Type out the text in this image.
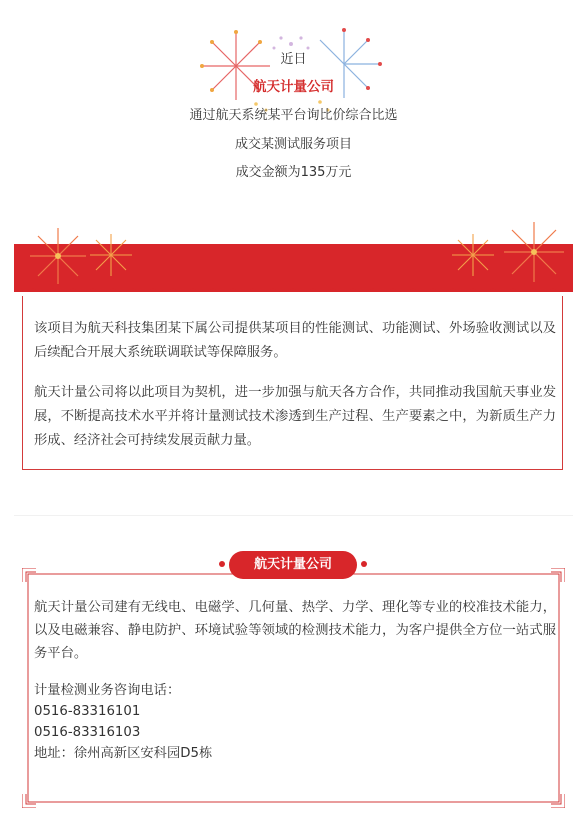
近日
航天计量公司
通过航天系统某平台询比价综合比选
成交某测试服务项目
成交金额为135万元

该项目为航天科技集团某下属公司提供某项目的性能测试、功能测试、外场验收测试以及后续配合开展大系统联调联试等保障服务。

航天计量公司将以此项目为契机，进一步加强与航天各方合作，共同推动我国航天事业发展，不断提高技术水平并将计量测试技术渗透到生产过程、生产要素之中，为新质生产力形成、经济社会可持续发展贡献力量。

航天计量公司

航天计量公司建有无线电、电磁学、几何量、热学、力学、理化等专业的校准技术能力，以及电磁兼容、静电防护、环境试验等领域的检测技术能力，为客户提供全方位一站式服务平台。

计量检测业务咨询电话：

0516-83316101

0516-83316103

地址：徐州高新区安科园D5栋
